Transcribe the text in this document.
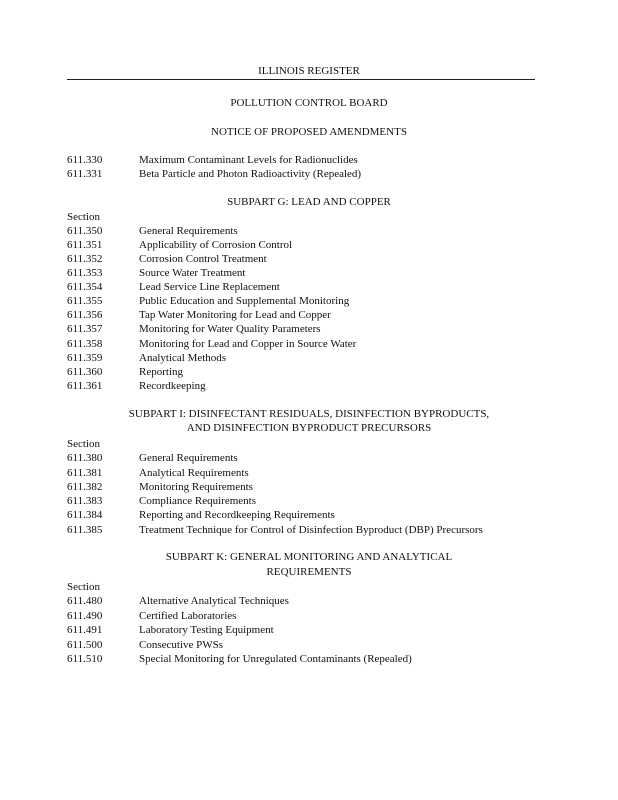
ILLINOIS REGISTER
POLLUTION CONTROL BOARD
NOTICE OF PROPOSED AMENDMENTS
611.330	Maximum Contaminant Levels for Radionuclides
611.331	Beta Particle and Photon Radioactivity (Repealed)
SUBPART G: LEAD AND COPPER
Section
611.350	General Requirements
611.351	Applicability of Corrosion Control
611.352	Corrosion Control Treatment
611.353	Source Water Treatment
611.354	Lead Service Line Replacement
611.355	Public Education and Supplemental Monitoring
611.356	Tap Water Monitoring for Lead and Copper
611.357	Monitoring for Water Quality Parameters
611.358	Monitoring for Lead and Copper in Source Water
611.359	Analytical Methods
611.360	Reporting
611.361	Recordkeeping
SUBPART I: DISINFECTANT RESIDUALS, DISINFECTION BYPRODUCTS,
AND DISINFECTION BYPRODUCT PRECURSORS
Section
611.380	General Requirements
611.381	Analytical Requirements
611.382	Monitoring Requirements
611.383	Compliance Requirements
611.384	Reporting and Recordkeeping Requirements
611.385	Treatment Technique for Control of Disinfection Byproduct (DBP) Precursors
SUBPART K: GENERAL MONITORING AND ANALYTICAL
REQUIREMENTS
Section
611.480	Alternative Analytical Techniques
611.490	Certified Laboratories
611.491	Laboratory Testing Equipment
611.500	Consecutive PWSs
611.510	Special Monitoring for Unregulated Contaminants (Repealed)
